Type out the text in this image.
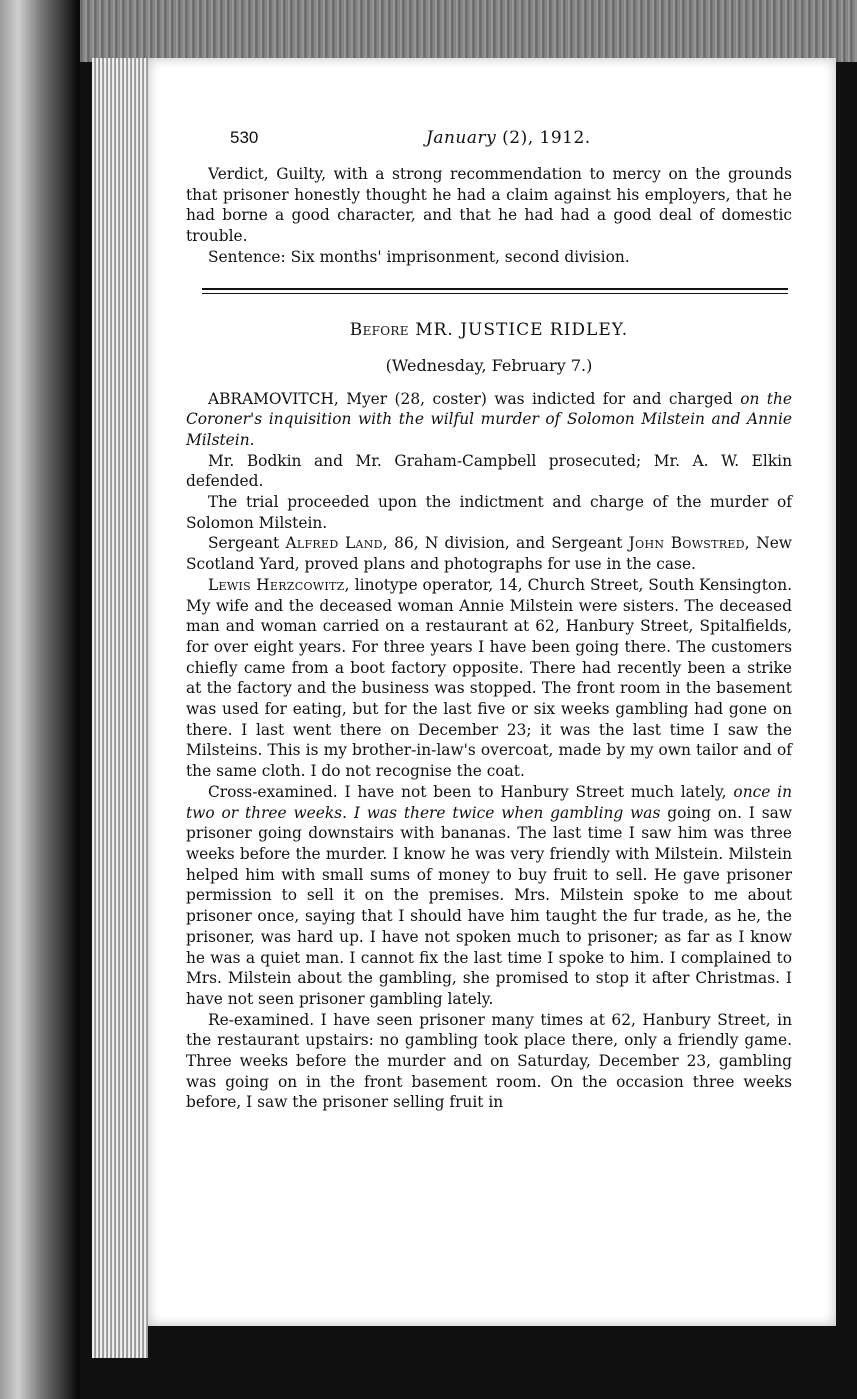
530	January (2), 1912.

Verdict, Guilty, with a strong recommendation to mercy on the grounds that prisoner honestly thought he had a claim against his employers, that he had borne a good character, and that he had had a good deal of domestic trouble.

Sentence: Six months' imprisonment, second division.

Before MR. JUSTICE RIDLEY.
(Wednesday, February 7.)

ABRAMOVITCH, Myer (28, coster) was indicted for and charged on the Coroner's inquisition with the wilful murder of Solomon Milstein and Annie Milstein.

Mr. Bodkin and Mr. Graham-Campbell prosecuted; Mr. A. W. Elkin defended.

The trial proceeded upon the indictment and charge of the murder of Solomon Milstein.

Sergeant Alfred Land, 86, N division, and Sergeant John Bowstred, New Scotland Yard, proved plans and photographs for use in the case.

Lewis Herzcowitz, linotype operator, 14, Church Street, South Kensington. My wife and the deceased woman Annie Milstein were sisters. The deceased man and woman carried on a restaurant at 62, Hanbury Street, Spitalfields, for over eight years. For three years I have been going there. The customers chiefly came from a boot factory opposite. There had recently been a strike at the factory and the business was stopped. The front room in the basement was used for eating, but for the last five or six weeks gambling had gone on there. I last went there on December 23; it was the last time I saw the Milsteins. This is my brother-in-law's overcoat, made by my own tailor and of the same cloth. I do not recognise the coat.

Cross-examined. I have not been to Hanbury Street much lately, once in two or three weeks. I was there twice when gambling was going on. I saw prisoner going downstairs with bananas. The last time I saw him was three weeks before the murder. I know he was very friendly with Milstein. Milstein helped him with small sums of money to buy fruit to sell. He gave prisoner permission to sell it on the premises. Mrs. Milstein spoke to me about prisoner once, saying that I should have him taught the fur trade, as he, the prisoner, was hard up. I have not spoken much to prisoner; as far as I know he was a quiet man. I cannot fix the last time I spoke to him. I complained to Mrs. Milstein about the gambling, she promised to stop it after Christmas. I have not seen prisoner gambling lately.

Re-examined. I have seen prisoner many times at 62, Hanbury Street, in the restaurant upstairs: no gambling took place there, only a friendly game. Three weeks before the murder and on Saturday, December 23, gambling was going on in the front basement room. On the occasion three weeks before, I saw the prisoner selling fruit in
